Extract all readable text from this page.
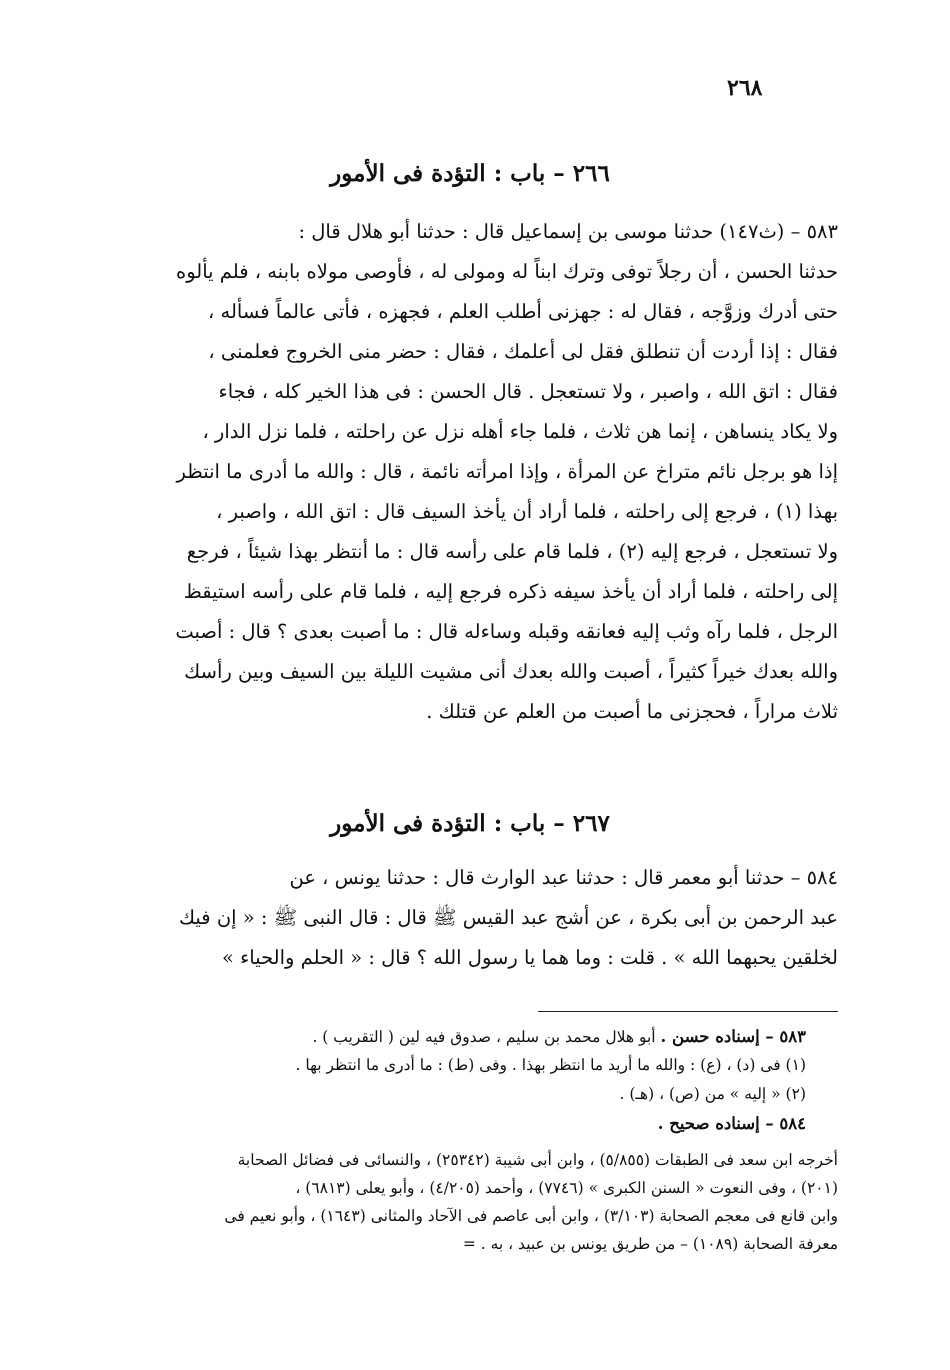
٢٦٨
٢٦٦ – باب : التؤدة فى الأمور
٥٨٣ – (ث١٤٧) حدثنا موسى بن إسماعيل قال : حدثنا أبو هلال قال :
حدثنا الحسن ، أن رجلاً توفى وترك ابناً له ومولى له ، فأوصى مولاه بابنه ، فلم يألوه
حتى أدرك وزوَّجه ، فقال له : جهزنى أطلب العلم ، فجهزه ، فأتى عالماً فسأله ،
فقال : إذا أردت أن تنطلق فقل لى أعلمك ، فقال : حضر منى الخروج فعلمنى ،
فقال : اتق الله ، واصبر ، ولا تستعجل . قال الحسن : فى هذا الخير كله ، فجاء
ولا يكاد ينساهن ، إنما هن ثلاث ، فلما جاء أهله نزل عن راحلته ، فلما نزل الدار ،
إذا هو برجل نائم متراخ عن المرأة ، وإذا امرأته نائمة ، قال : والله ما أدرى ما انتظر
بهذا (١) ، فرجع إلى راحلته ، فلما أراد أن يأخذ السيف قال : اتق الله ، واصبر ،
ولا تستعجل ، فرجع إليه (٢) ، فلما قام على رأسه قال : ما أنتظر بهذا شيئاً ، فرجع
إلى راحلته ، فلما أراد أن يأخذ سيفه ذكره فرجع إليه ، فلما قام على رأسه استيقظ
الرجل ، فلما رآه وثب إليه فعانقه وقبله وساءله قال : ما أصبت بعدى ؟ قال : أصبت
والله بعدك خيراً كثيراً ، أصبت والله بعدك أنى مشيت الليلة بين السيف وبين رأسك
ثلاث مراراً ، فحجزنى ما أصبت من العلم عن قتلك .
٢٦٧ – باب : التؤدة فى الأمور
٥٨٤ – حدثنا أبو معمر قال : حدثنا عبد الوارث قال : حدثنا يونس ، عن
عبد الرحمن بن أبى بكرة ، عن أشج عبد القيس ﷺ قال : قال النبى ﷺ : « إن فيك
لخلقين يحبهما الله » . قلت : وما هما يا رسول الله ؟ قال : « الحلم والحياء »
٥٨٣ – إسناده حسن . أبو هلال محمد بن سليم ، صدوق فيه لين ( التقريب ) .
(١) فى (د) ، (ع) : والله ما أريد ما انتظر بهذا . وفى (ط) : ما أدرى ما انتظر بها .
(٢) « إليه » من (ص) ، (هـ) .
٥٨٤ – إسناده صحيح .
أخرجه ابن سعد فى الطبقات (٥/٨٥٥) ، وابن أبى شيبة (٢٥٣٤٢) ، والنسائى فى فضائل الصحابة
(٢٠١) ، وفى النعوت « السنن الكبرى » (٧٧٤٦) ، وأحمد (٤/٢٠٥) ، وأبو يعلى (٦٨١٣) ،
وابن قانع فى معجم الصحابة (٣/١٠٣) ، وابن أبى عاصم فى الآحاد والمثانى (١٦٤٣) ، وأبو نعيم فى
معرفة الصحابة (١٠٨٩) – من طريق يونس بن عبيد ، به . =
